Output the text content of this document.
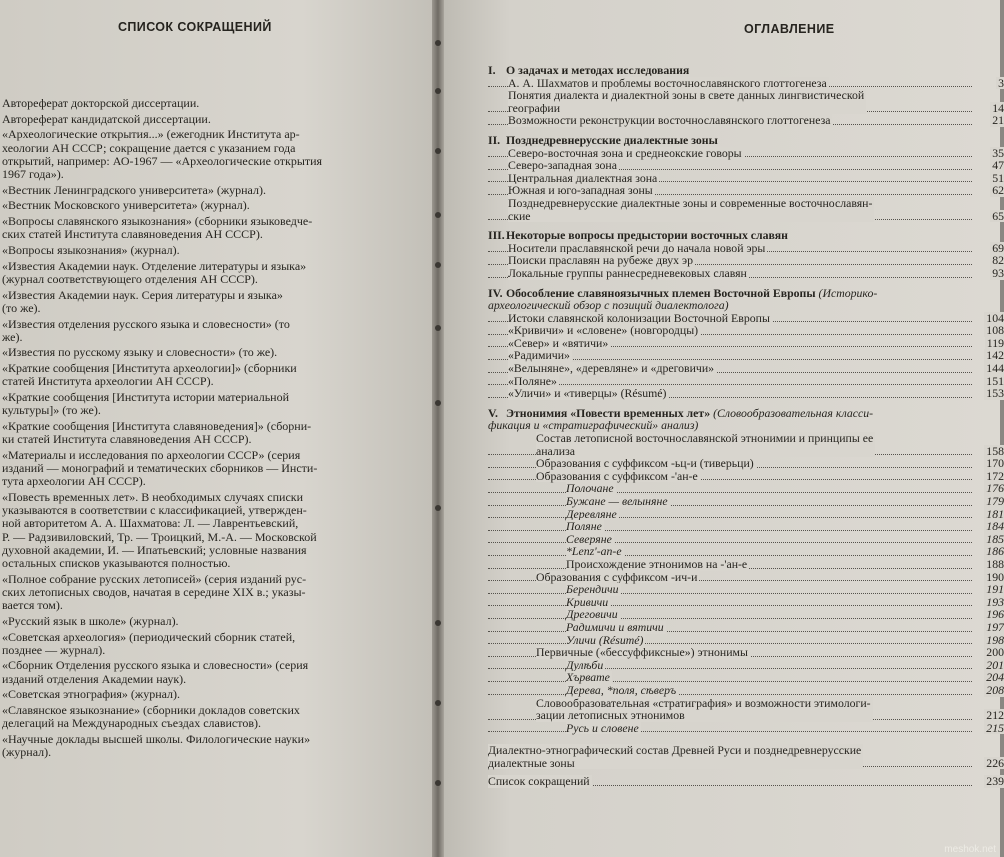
СПИСОК СОКРАЩЕНИЙ
Автореферат докторской диссертации.
Автореферат кандидатской диссертации.
«Археологические открытия...» (ежегодник Института ар-
хеологии АН СССР; сокращение дается с указанием года
открытий, например: АО-1967 — «Археологические открытия
1967 года»).
«Вестник Ленинградского университета» (журнал).
«Вестник Московского университета» (журнал).
«Вопросы славянского языкознания» (сборники языковедче-
ских статей Института славяноведения АН СССР).
«Вопросы языкознания» (журнал).
«Известия Академии наук. Отделение литературы и языка»
(журнал соответствующего отделения АН СССР).
«Известия Академии наук. Серия литературы и языка»
(то же).
«Известия отделения русского языка и словесности» (то
же).
«Известия по русскому языку и словесности» (то же).
«Краткие сообщения [Института археологии]» (сборники
статей Института археологии АН СССР).
«Краткие сообщения [Института истории материальной
культуры]» (то же).
«Краткие сообщения [Института славяноведения]» (сборни-
ки статей Института славяноведения АН СССР).
«Материалы и исследования по археологии СССР» (серия
изданий — монографий и тематических сборников — Инсти-
тута археологии АН СССР).
«Повесть временных лет». В необходимых случаях списки
указываются в соответствии с классификацией, утвержден-
ной авторитетом А. А. Шахматова: Л. — Лаврентьевский,
Р. — Радзивиловский, Тр. — Троицкий, М.-А. — Московской
духовной академии, И. — Ипатьевский; условные названия
остальных списков указываются полностью.
«Полное собрание русских летописей» (серия изданий рус-
ских летописных сводов, начатая в середине XIX в.; указы-
вается том).
«Русский язык в школе» (журнал).
«Советская археология» (периодический сборник статей,
позднее — журнал).
«Сборник Отделения русского языка и словесности» (серия
изданий отделения Академии наук).
«Советская этнография» (журнал).
«Славянское языкознание» (сборники докладов советских
делегаций на Международных съездах славистов).
«Научные доклады высшей школы. Филологические науки»
(журнал).
ОГЛАВЛЕНИЕ
I. О задачах и методах исследования
А. А. Шахматов и проблемы восточнославянского глоттогенеза	3
Понятия диалекта и диалектной зоны в свете данных лингвистической
географии	14
Возможности реконструкции восточнославянского глоттогенеза	21
II. Позднедревнерусские диалектные зоны
Северо-восточная зона и среднеокские говоры	35
Северо-западная зона	47
Центральная диалектная зона	51
Южная и юго-западная зоны	62
Позднедревнерусские диалектные зоны и современные восточнославян-
ские	65
III.Некоторые вопросы предыстории восточных славян
Носители праславянской речи до начала новой эры	69
Поиски праславян на рубеже двух эр	82
Локальные группы раннесредневековых славян	93
IV. Обособление славяноязычных племен Восточной Европы (Историко-
археологический обзор с позиций диалектолога)
Истоки славянской колонизации Восточной Европы	104
«Кривичи» и «словене» (новгородцы)	108
«Север» и «вятичи»	119
«Радимичи»	142
«Велыняне», «деревляне» и «дреговичи»	144
«Поляне»	151
«Уличи» и «тиверцы» (Résumé)	153
V. Этнонимия «Повести временных лет» (Словообразовательная класси-
фикация и «стратиграфический» анализ)
Состав летописной восточнославянской этнонимии и принципы ее
анализа	158
Образования с суффиксом -ьц-и (тиверьци)	170
Образования с суффиксом -'ан-е	172
Полочане	176
Бужане — велыняне	179
Деревляне	181
Поляне	184
Северяне	185
*Lenz'-an-e	186
Происхождение этнонимов на -'ан-е	188
Образования с суффиксом -ич-и	190
Берендичи	191
Кривичи	193
Дреговичи	196
Радимичи и вятичи	197
Уличи (Résumé)	198
Первичные («бессуффиксные») этнонимы	200
Дулѣби	201
Хървате	204
Дерева, *поля, сѣверъ	208
Словообразовательная «стратиграфия» и возможности этимологи-
зации летописных этнонимов	212
Русь и словене	215
Диалектно-этнографический состав Древней Руси и позднедревнерусские
диалектные зоны	226
Список сокращений	239
meshok.net
